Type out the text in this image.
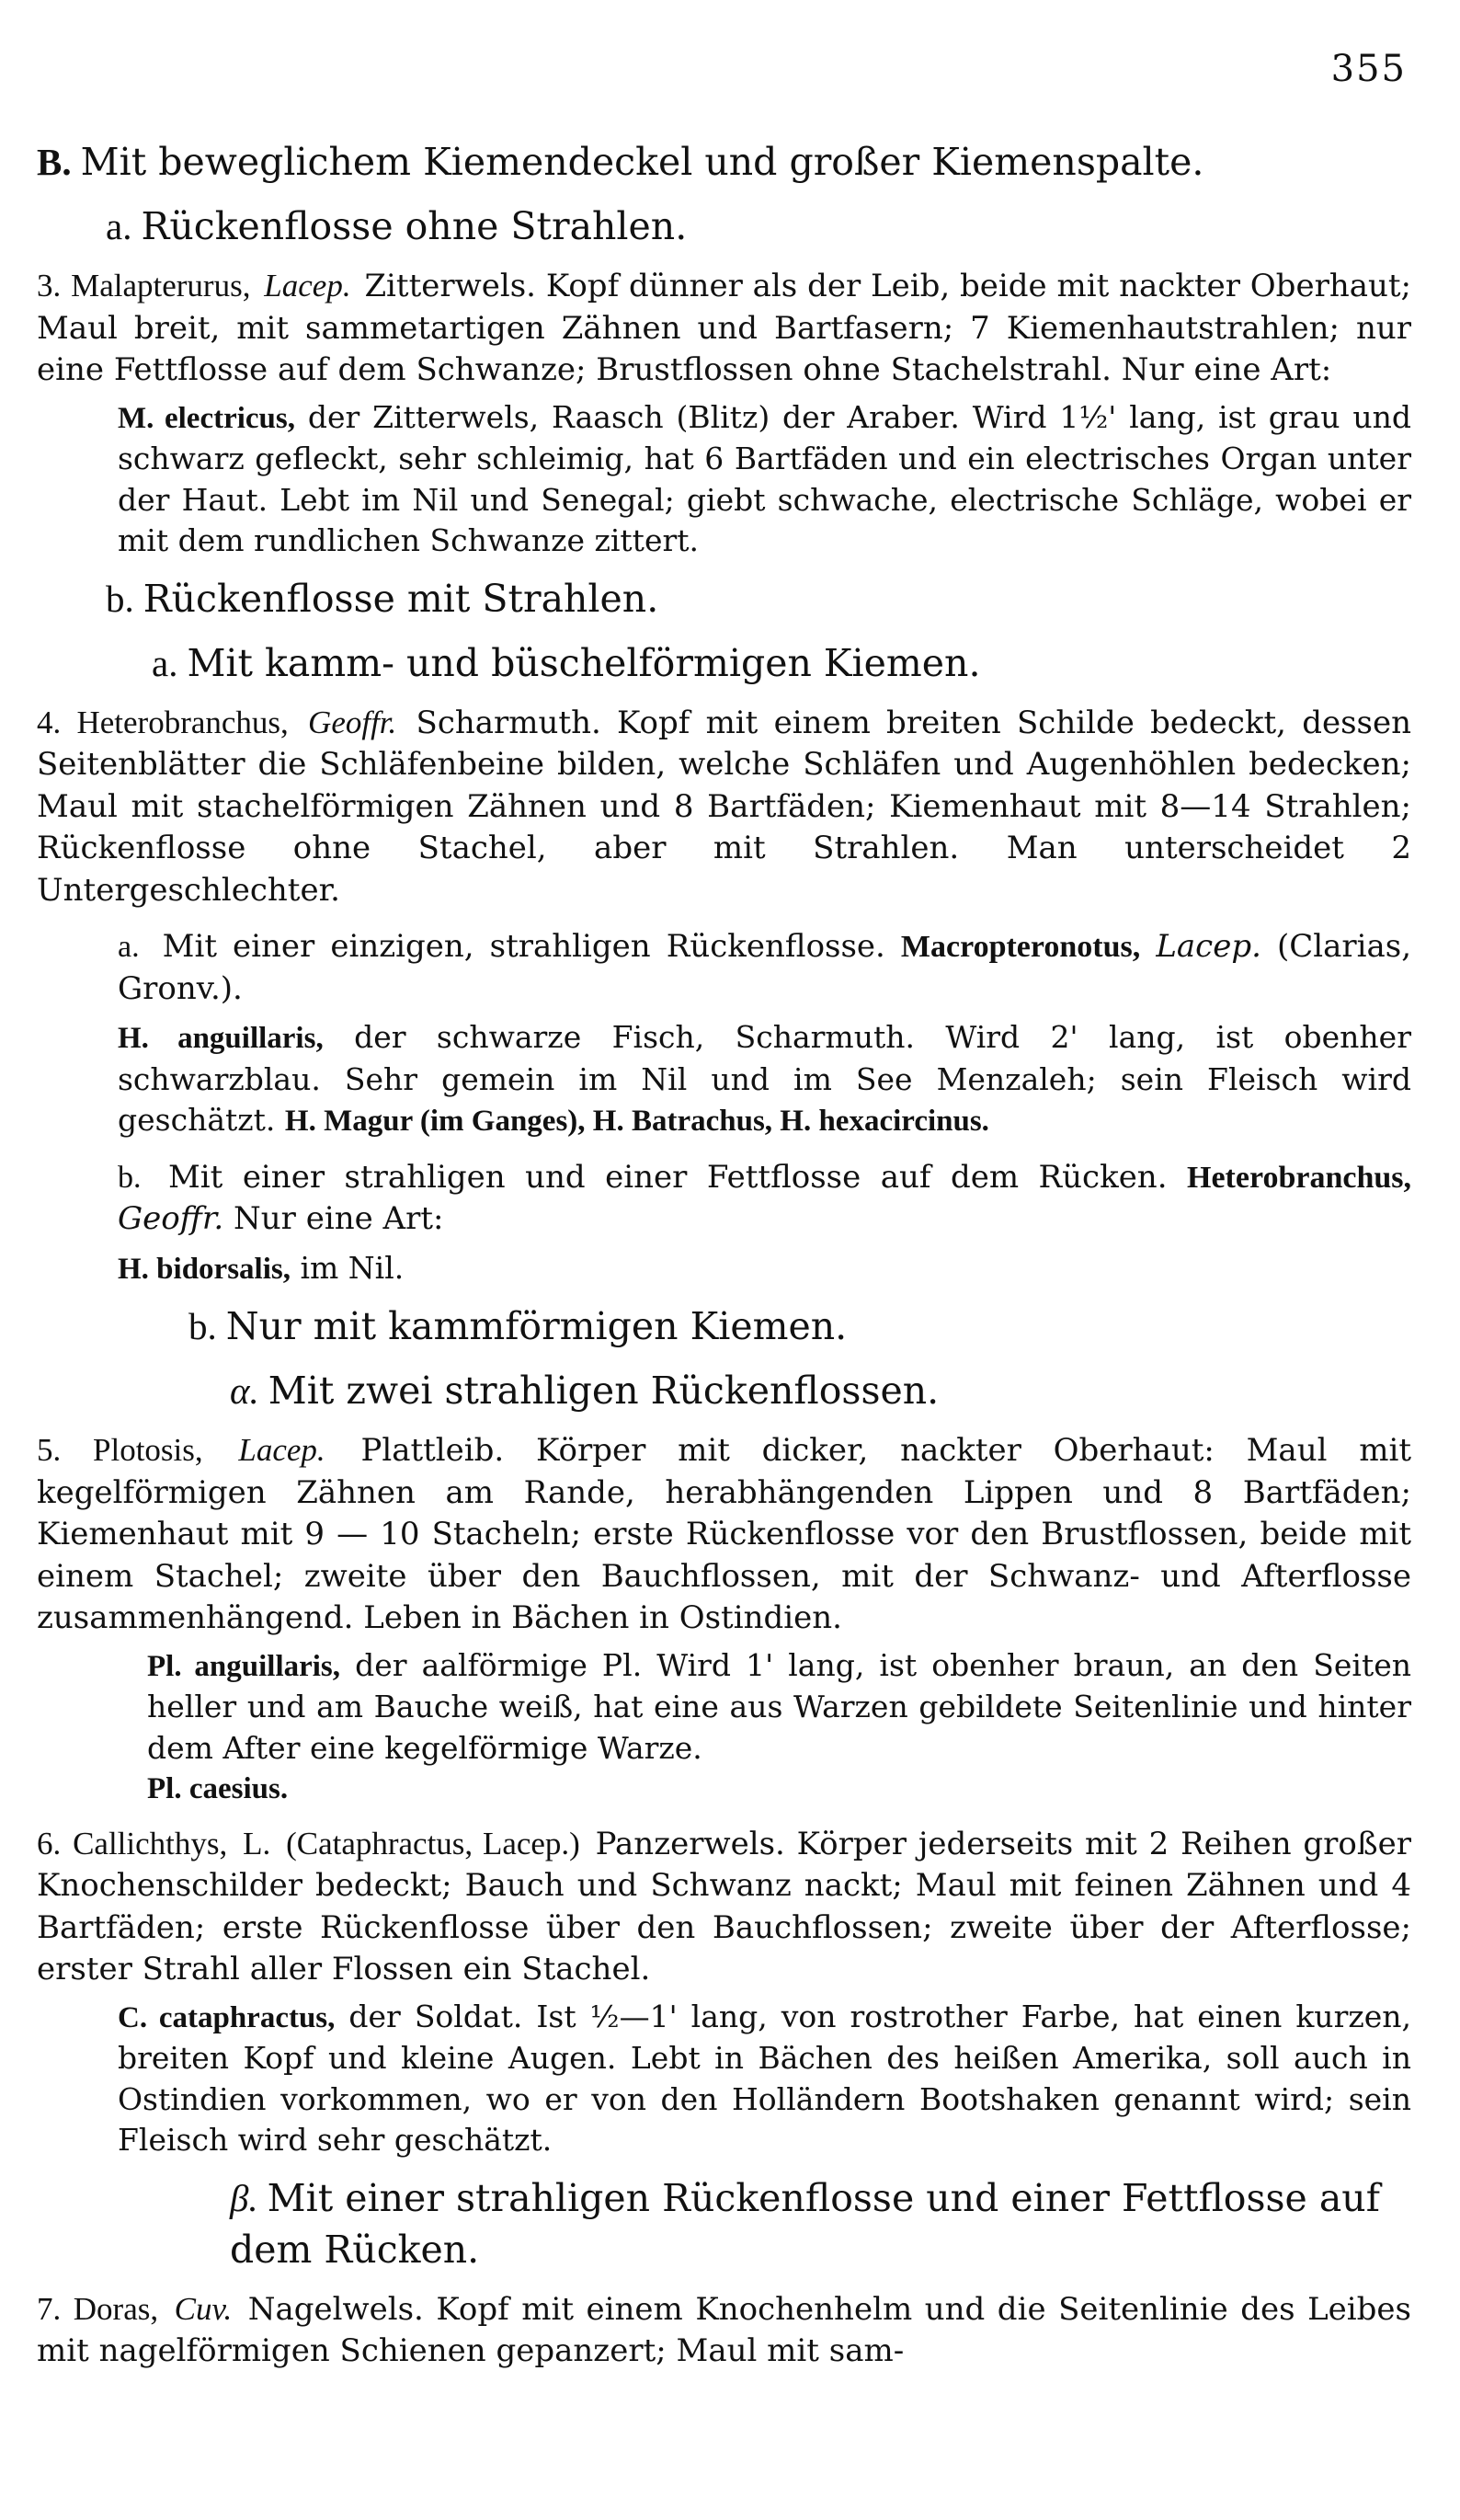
355
B. Mit beweglichem Kiemendeckel und großer Kiemenspalte.
a. Rückenflosse ohne Strahlen.
3. Malapterurus, Lacep. Zitterwels. Kopf dünner als der Leib, beide mit nackter Oberhaut; Maul breit, mit sammetartigen Zähnen und Bartfasern; 7 Kiemenhautstrahlen; nur eine Fettflosse auf dem Schwanze; Brustflossen ohne Stachelstrahl. Nur eine Art:
M. electricus, der Zitterwels, Raasch (Blitz) der Araber. Wird 1½' lang, ist grau und schwarz gefleckt, sehr schleimig, hat 6 Bartfäden und ein electrisches Organ unter der Haut. Lebt im Nil und Senegal; giebt schwache, electrische Schläge, wobei er mit dem rundlichen Schwanze zittert.
b. Rückenflosse mit Strahlen.
a. Mit kamm- und büschelförmigen Kiemen.
4. Heterobranchus, Geoffr. Scharmuth. Kopf mit einem breiten Schilde bedeckt, dessen Seitenblätter die Schläfenbeine bilden, welche Schläfen und Augenhöhlen bedecken; Maul mit stachelförmigen Zähnen und 8 Bartfäden; Kiemenhaut mit 8—14 Strahlen; Rückenflosse ohne Stachel, aber mit Strahlen. Man unterscheidet 2 Untergeschlechter.
a. Mit einer einzigen, strahligen Rückenflosse. Macropteronotus, Lacep. (Clarias, Gronv.).
H. anguillaris, der schwarze Fisch, Scharmuth. Wird 2' lang, ist obenher schwarzblau. Sehr gemein im Nil und im See Menzaleh; sein Fleisch wird geschätzt. H. Magur (im Ganges), H. Batrachus, H. hexacircinus.
b. Mit einer strahligen und einer Fettflosse auf dem Rücken. Heterobranchus, Geoffr. Nur eine Art:
H. bidorsalis, im Nil.
b. Nur mit kammförmigen Kiemen.
α. Mit zwei strahligen Rückenflossen.
5. Plotosis, Lacep. Plattleib. Körper mit dicker, nackter Oberhaut: Maul mit kegelförmigen Zähnen am Rande, herabhängenden Lippen und 8 Bartfäden; Kiemenhaut mit 9 — 10 Stacheln; erste Rückenflosse vor den Brustflossen, beide mit einem Stachel; zweite über den Bauchflossen, mit der Schwanz- und Afterflosse zusammenhängend. Leben in Bächen in Ostindien.
Pl. anguillaris, der aalförmige Pl. Wird 1' lang, ist obenher braun, an den Seiten heller und am Bauche weiß, hat eine aus Warzen gebildete Seitenlinie und hinter dem After eine kegelförmige Warze.
Pl. caesius.
6. Callichthys, L. (Cataphractus, Lacep.) Panzerwels. Körper jederseits mit 2 Reihen großer Knochenschilder bedeckt; Bauch und Schwanz nackt; Maul mit feinen Zähnen und 4 Bartfäden; erste Rückenflosse über den Bauchflossen; zweite über der Afterflosse; erster Strahl aller Flossen ein Stachel.
C. cataphractus, der Soldat. Ist ½—1' lang, von rostrother Farbe, hat einen kurzen, breiten Kopf und kleine Augen. Lebt in Bächen des heißen Amerika, soll auch in Ostindien vorkommen, wo er von den Holländern Bootshaken genannt wird; sein Fleisch wird sehr geschätzt.
β. Mit einer strahligen Rückenflosse und einer Fettflosse auf dem Rücken.
7. Doras, Cuv. Nagelwels. Kopf mit einem Knochenhelm und die Seitenlinie des Leibes mit nagelförmigen Schienen gepanzert; Maul mit sam-
